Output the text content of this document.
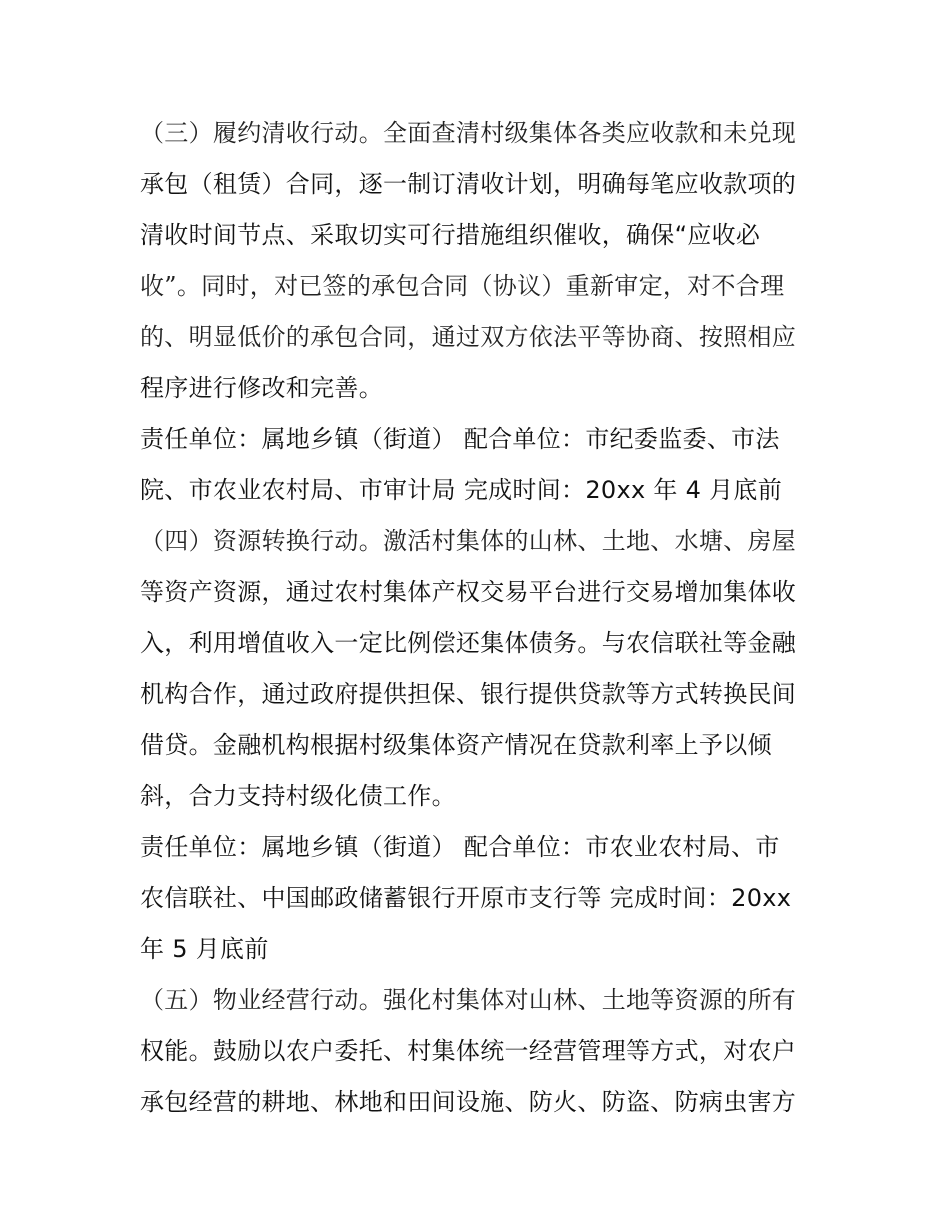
（三）履约清收行动。全面查清村级集体各类应收款和未兑现
承包（租赁）合同，逐一制订清收计划，明确每笔应收款项的
清收时间节点、采取切实可行措施组织催收，确保“应收必
收”。同时，对已签的承包合同（协议）重新审定，对不合理
的、明显低价的承包合同，通过双方依法平等协商、按照相应
程序进行修改和完善。
责任单位：属地乡镇（街道） 配合单位：市纪委监委、市法
院、市农业农村局、市审计局 完成时间：20xx 年 4 月底前
（四）资源转换行动。激活村集体的山林、土地、水塘、房屋
等资产资源，通过农村集体产权交易平台进行交易增加集体收
入，利用增值收入一定比例偿还集体债务。与农信联社等金融
机构合作，通过政府提供担保、银行提供贷款等方式转换民间
借贷。金融机构根据村级集体资产情况在贷款利率上予以倾
斜，合力支持村级化债工作。
责任单位：属地乡镇（街道） 配合单位：市农业农村局、市
农信联社、中国邮政储蓄银行开原市支行等 完成时间：20xx
年 5 月底前
（五）物业经营行动。强化村集体对山林、土地等资源的所有
权能。鼓励以农户委托、村集体统一经营管理等方式，对农户
承包经营的耕地、林地和田间设施、防火、防盗、防病虫害方
